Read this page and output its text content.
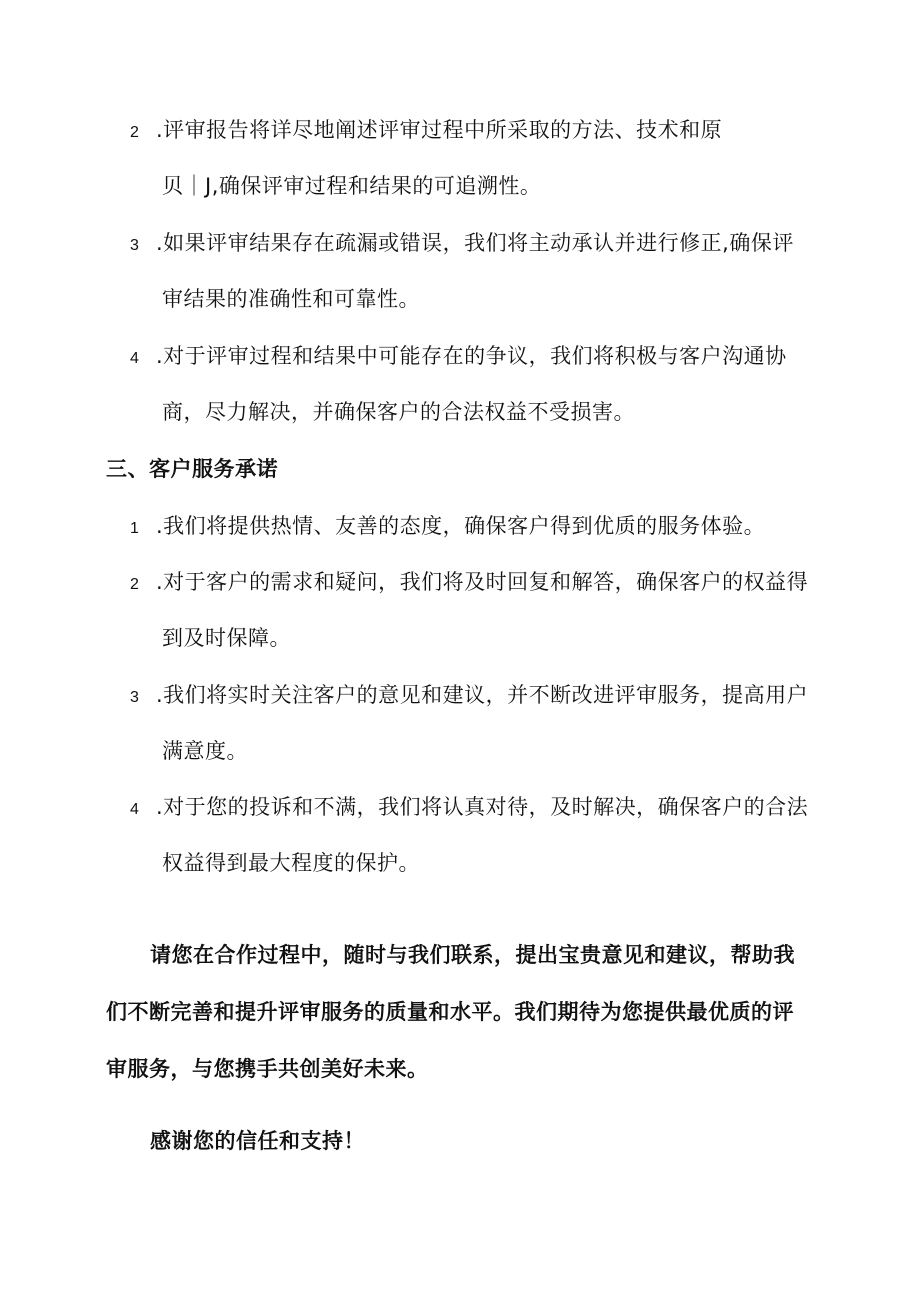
2 .评审报告将详尽地阐述评审过程中所采取的方法、技术和原
贝｜J,确保评审过程和结果的可追溯性。
3 .如果评审结果存在疏漏或错误，我们将主动承认并进行修正,确保评
审结果的准确性和可靠性。
4 .对于评审过程和结果中可能存在的争议，我们将积极与客户沟通协
商，尽力解决，并确保客户的合法权益不受损害。
三、客户服务承诺
1 .我们将提供热情、友善的态度，确保客户得到优质的服务体验。
2 .对于客户的需求和疑问，我们将及时回复和解答，确保客户的权益得
到及时保障。
3 .我们将实时关注客户的意见和建议，并不断改进评审服务，提高用户
满意度。
4 .对于您的投诉和不满，我们将认真对待，及时解决，确保客户的合法
权益得到最大程度的保护。
请您在合作过程中，随时与我们联系，提出宝贵意见和建议，帮助我
们不断完善和提升评审服务的质量和水平。我们期待为您提供最优质的评
审服务，与您携手共创美好未来。
感谢您的信任和支持！
